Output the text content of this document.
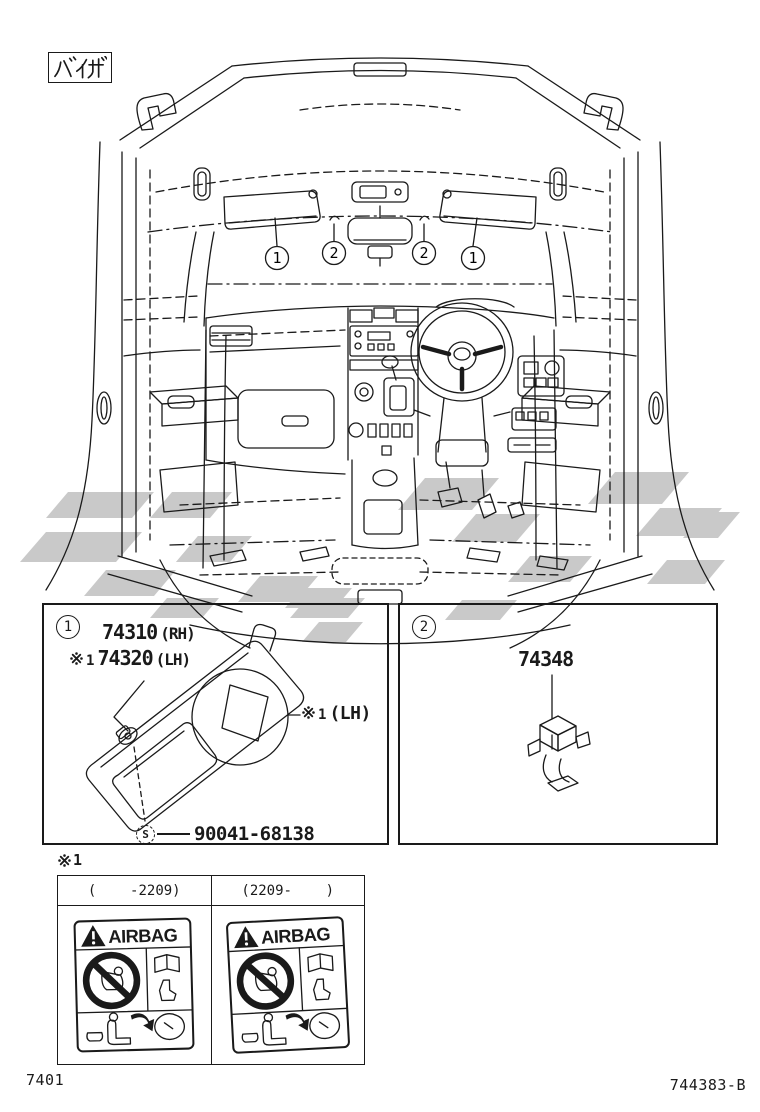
1	2	2	1
1 74310 (RH)
1 74320 (LH)
1 (LH)
S 90041-68138
2
74348
1
(    -2209)	(2209-    )
AIRBAG	AIRBAG
7401	744383-B
